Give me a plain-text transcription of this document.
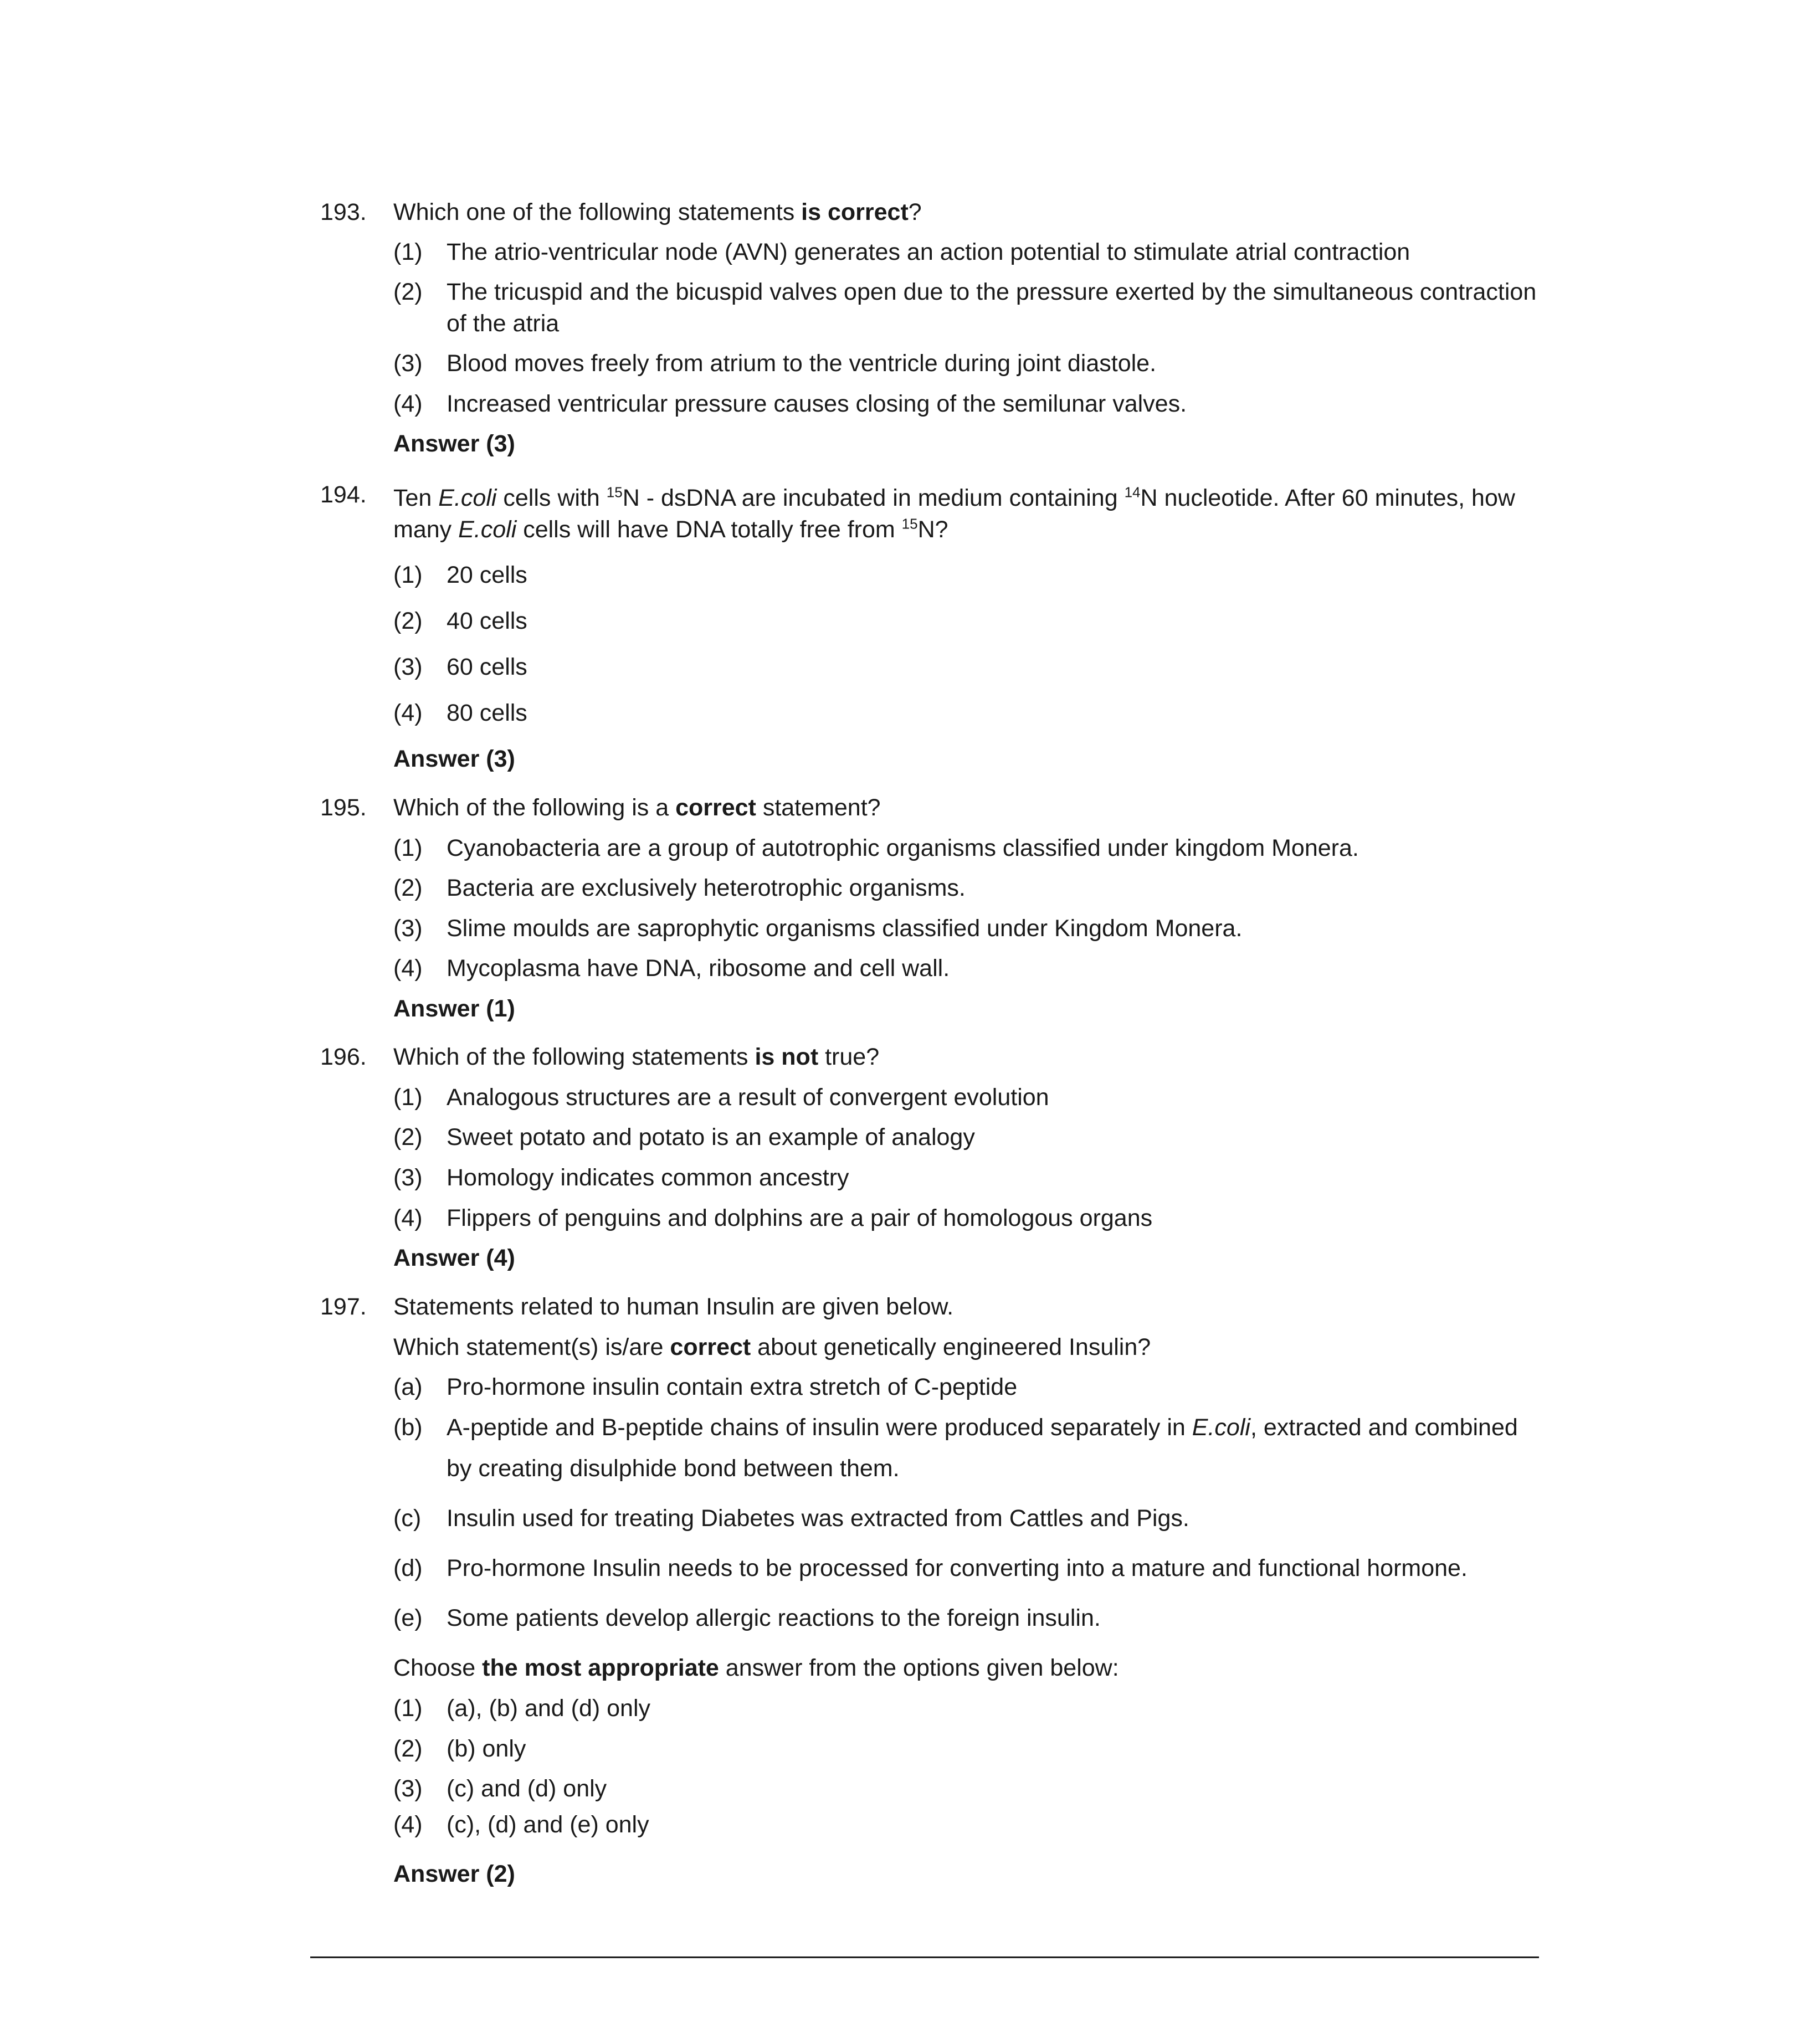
193. Which one of the following statements is correct?
(1) The atrio-ventricular node (AVN) generates an action potential to stimulate atrial contraction
(2) The tricuspid and the bicuspid valves open due to the pressure exerted by the simultaneous contraction
of the atria
(3) Blood moves freely from atrium to the ventricle during joint diastole.
(4) Increased ventricular pressure causes closing of the semilunar valves.
Answer (3)
194. Ten E.coli cells with $^{15}$N - dsDNA are incubated in medium containing $^{14}$N nucleotide. After 60 minutes, how
many E.coli cells will have DNA totally free from $^{15}$N?
(1) 20 cells
(2) 40 cells
(3) 60 cells
(4) 80 cells
Answer (3)
195. Which of the following is a correct statement?
(1) Cyanobacteria are a group of autotrophic organisms classified under kingdom Monera.
(2) Bacteria are exclusively heterotrophic organisms.
(3) Slime moulds are saprophytic organisms classified under Kingdom Monera.
(4) Mycoplasma have DNA, ribosome and cell wall.
Answer (1)
196. Which of the following statements is not true?
(1) Analogous structures are a result of convergent evolution
(2) Sweet potato and potato is an example of analogy
(3) Homology indicates common ancestry
(4) Flippers of penguins and dolphins are a pair of homologous organs
Answer (4)
197. Statements related to human Insulin are given below.
Which statement(s) is/are correct about genetically engineered Insulin?
(a) Pro-hormone insulin contain extra stretch of C-peptide
(b) A-peptide and B-peptide chains of insulin were produced separately in E.coli, extracted and combined
by creating disulphide bond between them.
(c) Insulin used for treating Diabetes was extracted from Cattles and Pigs.
(d) Pro-hormone Insulin needs to be processed for converting into a mature and functional hormone.
(e) Some patients develop allergic reactions to the foreign insulin.
Choose the most appropriate answer from the options given below:
(1) (a), (b) and (d) only
(2) (b) only
(3) (c) and (d) only
(4) (c), (d) and (e) only
Answer (2)
